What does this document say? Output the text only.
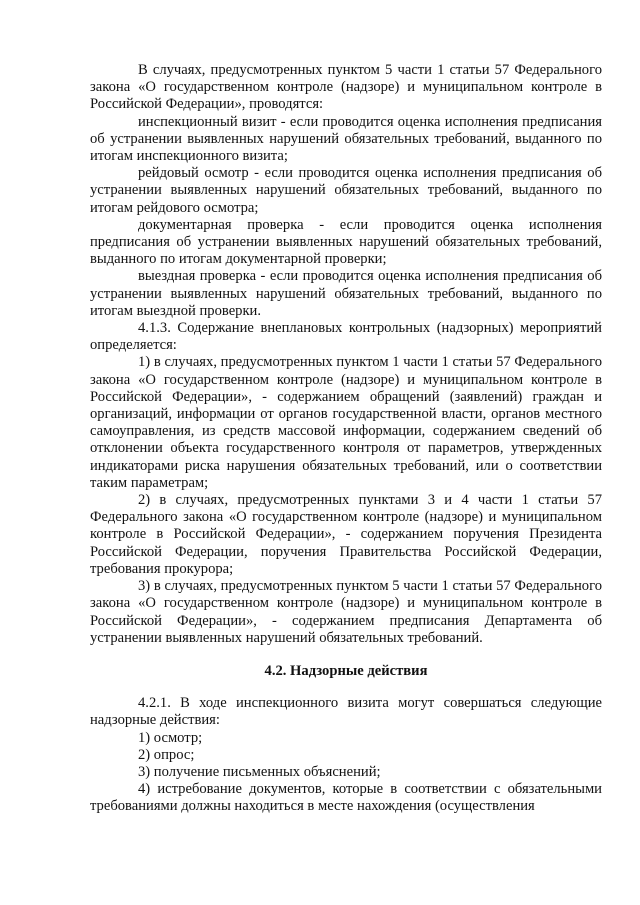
В случаях, предусмотренных пунктом 5 части 1 статьи 57 Федерального закона «О государственном контроле (надзоре) и муниципальном контроле в Российской Федерации», проводятся:

инспекционный визит - если проводится оценка исполнения предписания об устранении выявленных нарушений обязательных требований, выданного по итогам инспекционного визита;

рейдовый осмотр - если проводится оценка исполнения предписания об устранении выявленных нарушений обязательных требований, выданного по итогам рейдового осмотра;

документарная проверка - если проводится оценка исполнения предписания об устранении выявленных нарушений обязательных требований, выданного по итогам документарной проверки;

выездная проверка - если проводится оценка исполнения предписания об устранении выявленных нарушений обязательных требований, выданного по итогам выездной проверки.

4.1.3. Содержание внеплановых контрольных (надзорных) мероприятий определяется:

1) в случаях, предусмотренных пунктом 1 части 1 статьи 57 Федерального закона «О государственном контроле (надзоре) и муниципальном контроле в Российской Федерации», - содержанием обращений (заявлений) граждан и организаций, информации от органов государственной власти, органов местного самоуправления, из средств массовой информации, содержанием сведений об отклонении объекта государственного контроля от параметров, утвержденных индикаторами риска нарушения обязательных требований, или о соответствии таким параметрам;

2) в случаях, предусмотренных пунктами 3 и 4 части 1 статьи 57 Федерального закона «О государственном контроле (надзоре) и муниципальном контроле в Российской Федерации», - содержанием поручения Президента Российской Федерации, поручения Правительства Российской Федерации, требования прокурора;

3) в случаях, предусмотренных пунктом 5 части 1 статьи 57 Федерального закона «О государственном контроле (надзоре) и муниципальном контроле в Российской Федерации», - содержанием предписания Департамента об устранении выявленных нарушений обязательных требований.

4.2. Надзорные действия

4.2.1. В ходе инспекционного визита могут совершаться следующие надзорные действия:

1) осмотр;

2) опрос;

3) получение письменных объяснений;

4) истребование документов, которые в соответствии с обязательными требованиями должны находиться в месте нахождения (осуществления
